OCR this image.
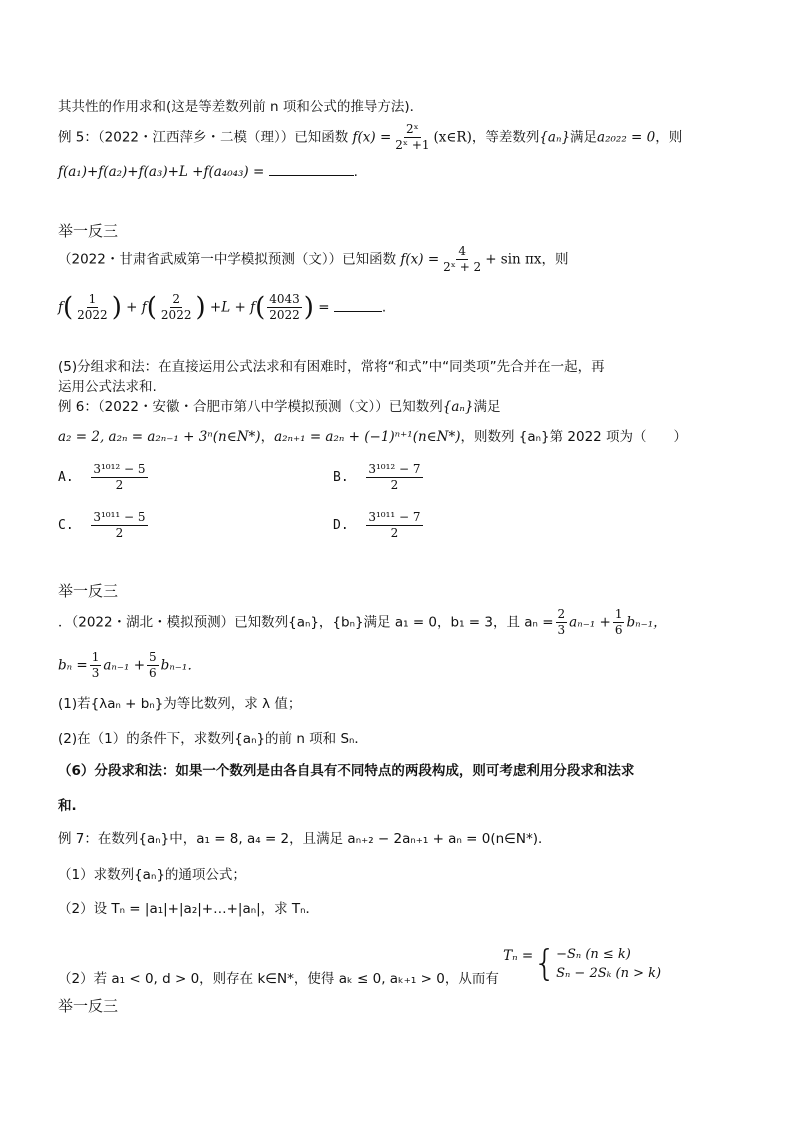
其共性的作用求和(这是等差数列前 n 项和公式的推导方法)．
例 5：（2022・江西萍乡・二模（理））已知函数 $f(x) = \frac{\text{2ˣ}}{\text{2ˣ +1}}$ (x∈R)，等差数列{aₙ}满足a₂₀₂₂ = 0，则
f(a₁)+f(a₂)+f(a₃)+L +f(a₄₀₄₃) =	.
举一反三
（2022・甘肃省武威第一中学模拟预测（文））已知函数 $f(x) = \frac{4}{\text{2ˣ + 2}} + \sin \pi x$，则
$f( \frac{1}{2022}$ ) + $f( \frac{2}{2022}$ ) $+L + f( \frac{4043}{2022}$ ) =	.
(5)分组求和法：在直接运用公式法求和有困难时，常将“和式”中“同类项”先合并在一起，再
运用公式法求和.
例 6：（2022・安徽・合肥市第八中学模拟预测（文））已知数列{aₙ}满足
a₂ = 2, a₂ₙ = a₂ₙ₋₁ + 3ⁿ(n∈N*)，a₂ₙ₊₁ = a₂ₙ + (−1)ⁿ⁺¹(n∈N*)，则数列 {aₙ}第 2022 项为（　　）
A. $\frac{\text{3¹⁰¹² − 5}}{2}$	B. $\frac{\text{3¹⁰¹² − 7}}{2}$
C. $\frac{\text{3¹⁰¹¹ − 5}}{2}$	D. $\frac{\text{3¹⁰¹¹ − 7}}{2}$
举一反三
．（2022・湖北・模拟预测）已知数列{aₙ}，{bₙ}满足 a₁ = 0，b₁ = 3，且 $a_n = \frac{2}{3} a_{n-1} + \frac{1}{6} b_{n-1}$，
$b_n = \frac{1}{3} a_{n-1} + \frac{5}{6} b_{n-1}$．
(1)若{λaₙ + bₙ}为等比数列，求 λ 值；
(2)在（1）的条件下，求数列{aₙ}的前 n 项和 Sₙ．
（6）分段求和法：如果一个数列是由各自具有不同特点的两段构成，则可考虑利用分段求和法求
和.
例 7：在数列{aₙ}中，a₁ = 8, a₄ = 2，且满足 aₙ₊₂ − 2aₙ₊₁ + aₙ = 0(n∈N*)．
（1）求数列{aₙ}的通项公式；
（2）设 Tₙ = |a₁|+|a₂|+…+|aₙ|，求 Tₙ．
（2）若 a₁ < 0, d > 0，则存在 k∈N*，使得 aₖ ≤ 0, aₖ₊₁ > 0，从而有
Tₙ = { −Sₙ (n ≤ k)
Sₙ − 2Sₖ (n > k)
举一反三
